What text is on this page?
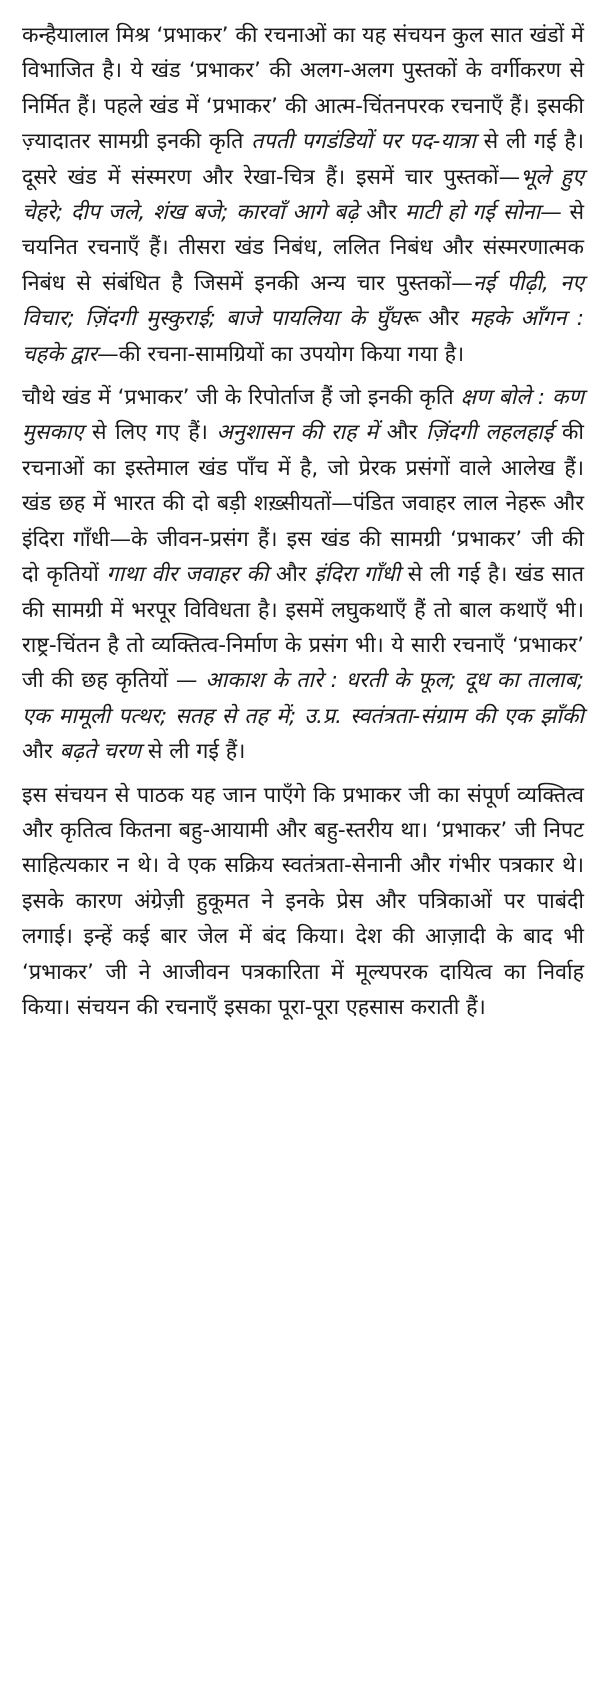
कन्हैयालाल मिश्र ‘प्रभाकर’ की रचनाओं का यह संचयन कुल सात खंडों में विभाजित है। ये खंड ‘प्रभाकर’ की अलग-अलग पुस्तकों के वर्गीकरण से निर्मित हैं। पहले खंड में ‘प्रभाकर’ की आत्म-चिंतनपरक रचनाएँ हैं। इसकी ज़्यादातर सामग्री इनकी कृति तपती पगडंडियों पर पद-यात्रा से ली गई है। दूसरे खंड में संस्मरण और रेखा-चित्र हैं। इसमें चार पुस्तकों—भूले हुए चेहरे; दीप जले, शंख बजे; कारवाँ आगे बढ़े और माटी हो गई सोना— से चयनित रचनाएँ हैं। तीसरा खंड निबंध, ललित निबंध और संस्मरणात्मक निबंध से संबंधित है जिसमें इनकी अन्य चार पुस्तकों—नई पीढ़ी, नए विचार; ज़िंदगी मुस्कुराई; बाजे पायलिया के घुँघरू और महके आँगन : चहके द्वार—की रचना-सामग्रियों का उपयोग किया गया है।

चौथे खंड में ‘प्रभाकर’ जी के रिपोर्ताज हैं जो इनकी कृति क्षण बोले : कण मुसकाए से लिए गए हैं। अनुशासन की राह में और ज़िंदगी लहलहाई की रचनाओं का इस्तेमाल खंड पाँच में है, जो प्रेरक प्रसंगों वाले आलेख हैं। खंड छह में भारत की दो बड़ी शख़्सीयतों—पंडित जवाहर लाल नेहरू और इंदिरा गाँधी—के जीवन-प्रसंग हैं। इस खंड की सामग्री ‘प्रभाकर’ जी की दो कृतियों गाथा वीर जवाहर की और इंदिरा गाँधी से ली गई है। खंड सात की सामग्री में भरपूर विविधता है। इसमें लघुकथाएँ हैं तो बाल कथाएँ भी। राष्ट्र-चिंतन है तो व्यक्तित्व-निर्माण के प्रसंग भी। ये सारी रचनाएँ ‘प्रभाकर’ जी की छह कृतियों — आकाश के तारे : धरती के फूल; दूध का तालाब; एक मामूली पत्थर; सतह से तह में; उ.प्र. स्वतंत्रता-संग्राम की एक झाँकी और बढ़ते चरण से ली गई हैं।

इस संचयन से पाठक यह जान पाएँगे कि प्रभाकर जी का संपूर्ण व्यक्तित्व और कृतित्व कितना बहु-आयामी और बहु-स्तरीय था। ‘प्रभाकर’ जी निपट साहित्यकार न थे। वे एक सक्रिय स्वतंत्रता-सेनानी और गंभीर पत्रकार थे। इसके कारण अंग्रेज़ी हुकूमत ने इनके प्रेस और पत्रिकाओं पर पाबंदी लगाई। इन्हें कई बार जेल में बंद किया। देश की आज़ादी के बाद भी ‘प्रभाकर’ जी ने आजीवन पत्रकारिता में मूल्यपरक दायित्व का निर्वाह किया। संचयन की रचनाएँ इसका पूरा-पूरा एहसास कराती हैं।
